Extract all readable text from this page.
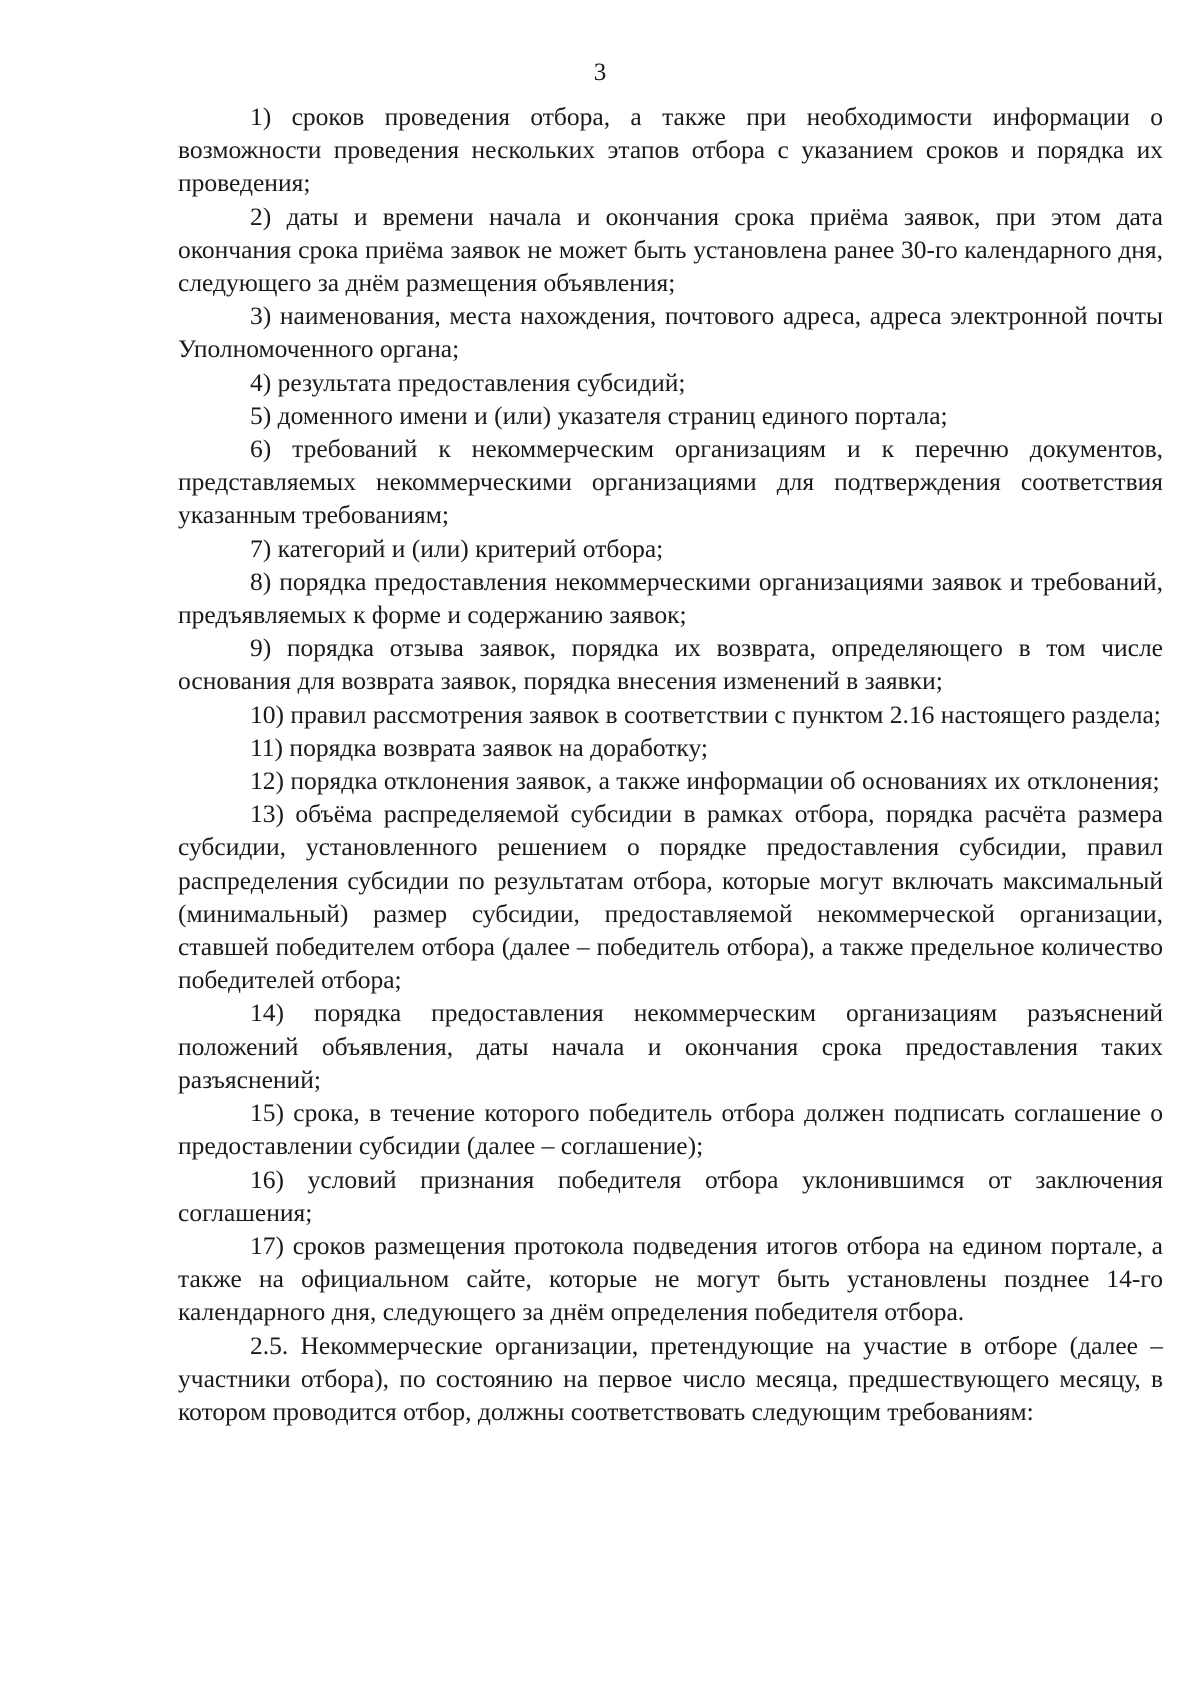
3

1) сроков проведения отбора, а также при необходимости информации о возможности проведения нескольких этапов отбора с указанием сроков и порядка их проведения;

2) даты и времени начала и окончания срока приёма заявок, при этом дата окончания срока приёма заявок не может быть установлена ранее 30-го календарного дня, следующего за днём размещения объявления;

3) наименования, места нахождения, почтового адреса, адреса электронной почты Уполномоченного органа;

4) результата предоставления субсидий;

5) доменного имени и (или) указателя страниц единого портала;

6) требований к некоммерческим организациям и к перечню документов, представляемых некоммерческими организациями для подтверждения соответствия указанным требованиям;

7) категорий и (или) критерий отбора;

8) порядка предоставления некоммерческими организациями заявок и требований, предъявляемых к форме и содержанию заявок;

9) порядка отзыва заявок, порядка их возврата, определяющего в том числе основания для возврата заявок, порядка внесения изменений в заявки;

10) правил рассмотрения заявок в соответствии с пунктом 2.16 настоящего раздела;

11) порядка возврата заявок на доработку;

12) порядка отклонения заявок, а также информации об основаниях их отклонения;

13) объёма распределяемой субсидии в рамках отбора, порядка расчёта размера субсидии, установленного решением о порядке предоставления субсидии, правил распределения субсидии по результатам отбора, которые могут включать максимальный (минимальный) размер субсидии, предоставляемой некоммерческой организации, ставшей победителем отбора (далее – победитель отбора), а также предельное количество победителей отбора;

14) порядка предоставления некоммерческим организациям разъяснений положений объявления, даты начала и окончания срока предоставления таких разъяснений;

15) срока, в течение которого победитель отбора должен подписать соглашение о предоставлении субсидии (далее – соглашение);

16) условий признания победителя отбора уклонившимся от заключения соглашения;

17) сроков размещения протокола подведения итогов отбора на едином портале, а также на официальном сайте, которые не могут быть установлены позднее 14-го календарного дня, следующего за днём определения победителя отбора.

2.5. Некоммерческие организации, претендующие на участие в отборе (далее – участники отбора), по состоянию на первое число месяца, предшествующего месяцу, в котором проводится отбор, должны соответствовать следующим требованиям:
